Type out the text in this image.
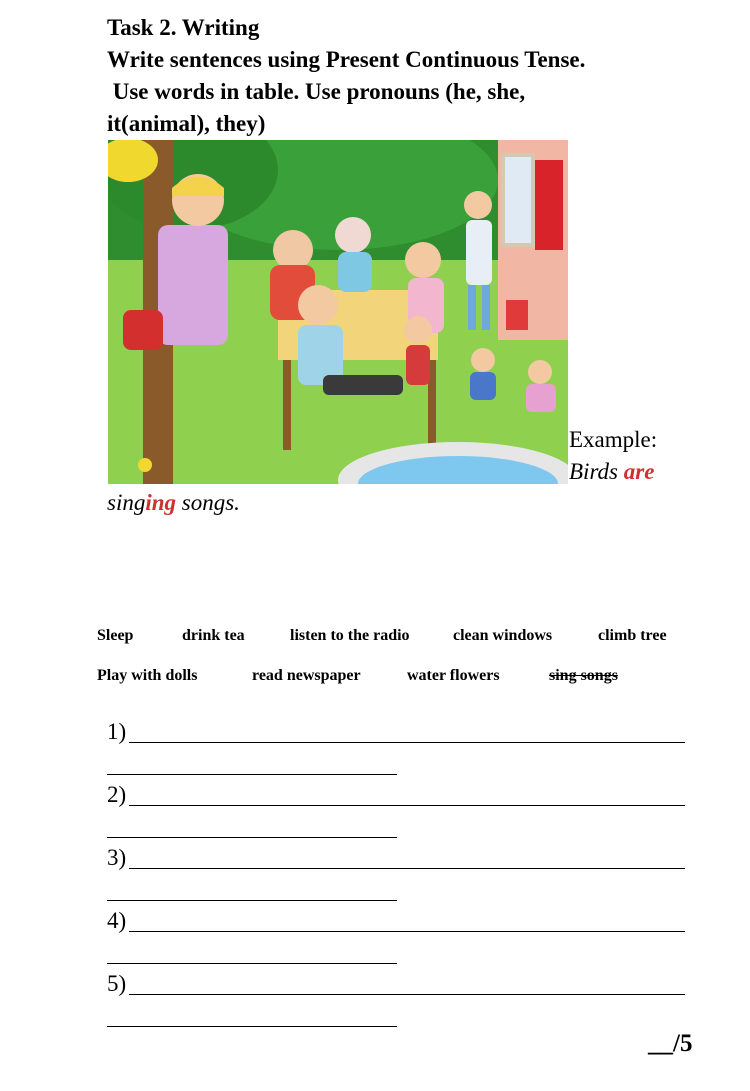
Task 2. Writing
Write sentences using Present Continuous Tense.
Use words in table. Use pronouns (he, she,
it(animal), they)
Example:
Birds are
singing songs.
Sleep	drink tea	listen to the radio	clean windows	climb tree
Play with dolls	read newspaper	water flowers	sing songs
1)
2)
3)
4)
5)
__/5
